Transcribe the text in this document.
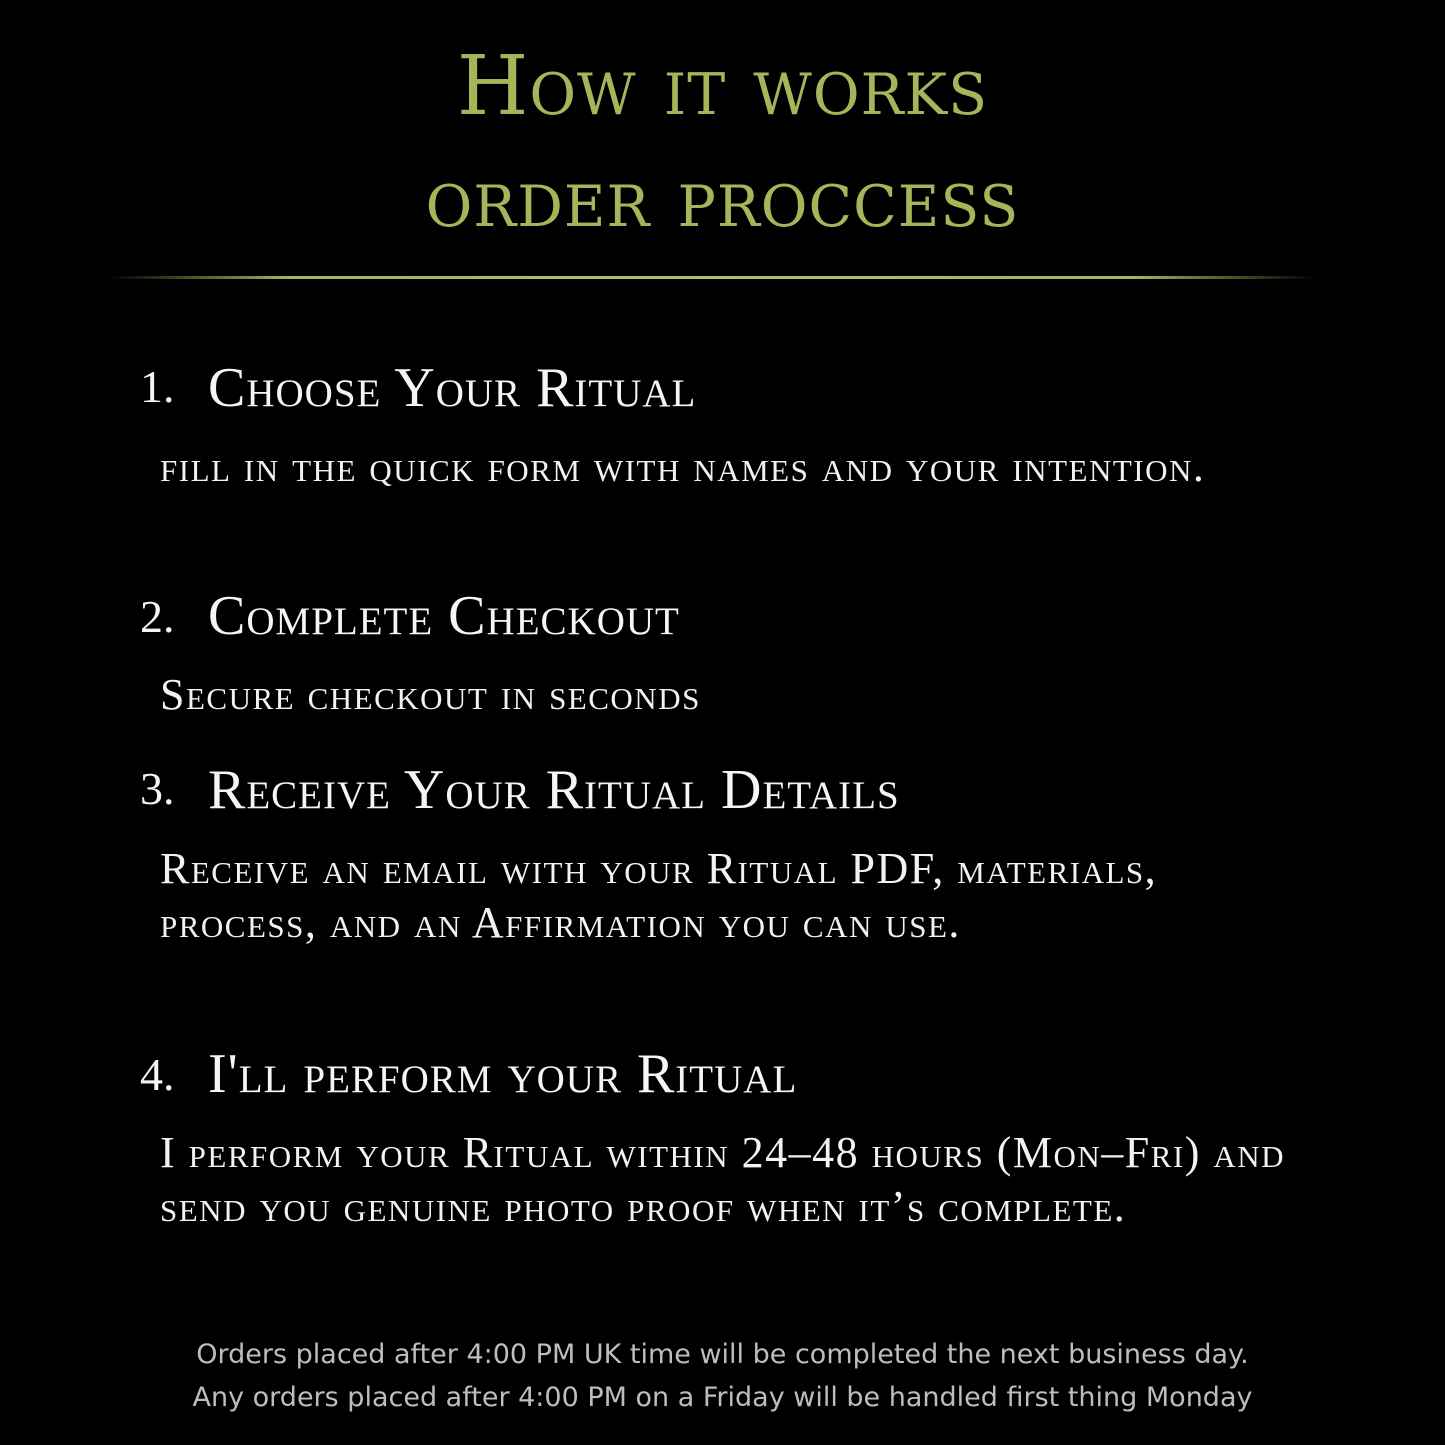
How it works
order proccess
1. Choose Your Ritual
fill in the quick form with names and your intention.
2. Complete Checkout
Secure checkout in seconds
3. Receive Your Ritual Details
Receive an email with your Ritual PDF, materials, process, and an Affirmation you can use.
4. I'll perform your Ritual
I perform your Ritual within 24–48 hours (Mon–Fri) and send you genuine photo proof when it’s complete.
Orders placed after 4:00 PM UK time will be completed the next business day.
Any orders placed after 4:00 PM on a Friday will be handled first thing Monday
